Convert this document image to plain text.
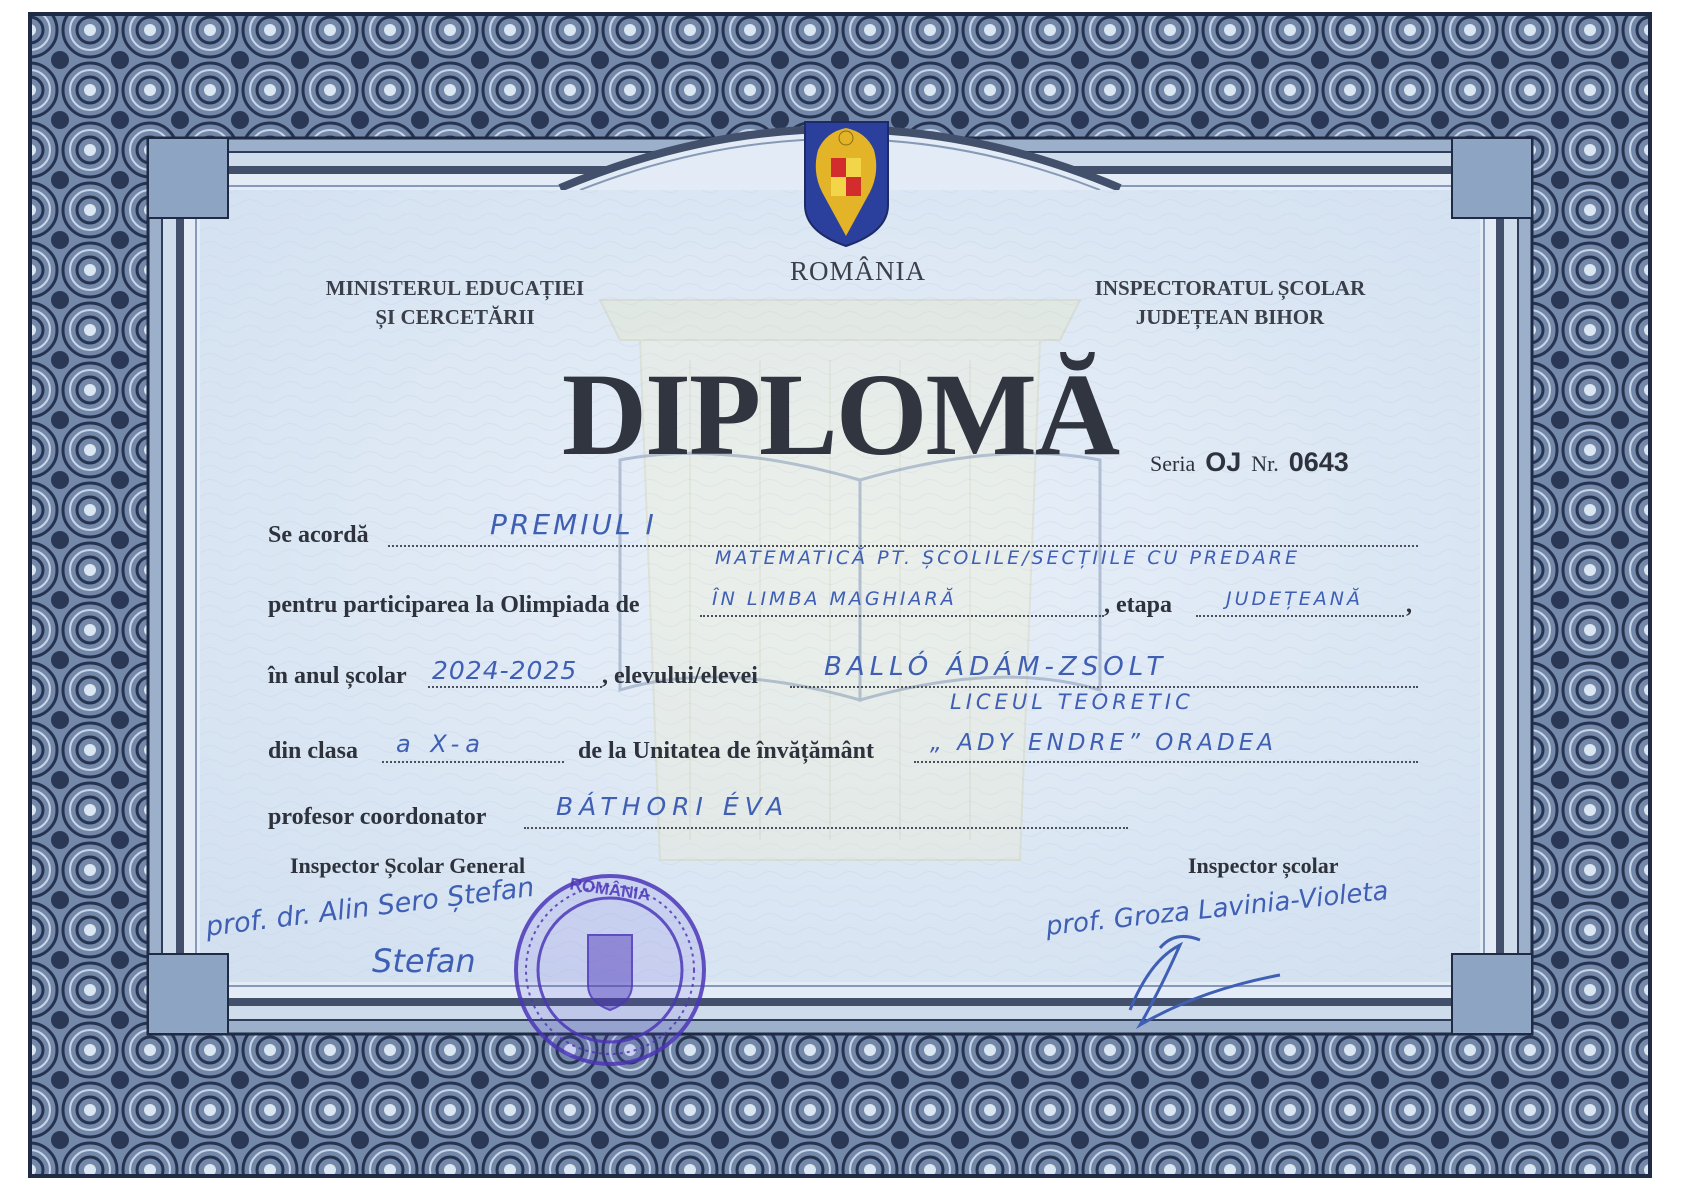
ROMÂNIA
MINISTERUL EDUCAȚIEI
ȘI CERCETĂRII
INSPECTORATUL ȘCOLAR
JUDEȚEAN BIHOR
DIPLOMĂ	Seria OJ Nr. 0643
Se acordă	PREMIUL I
MATEMATICĂ PT. ȘCOLILE/SECȚIILE CU PREDARE
pentru participarea la Olimpiada de	ÎN LIMBA MAGHIARĂ	, etapa	JUDEȚEANĂ ,
în anul școlar 2024-2025 , elevului/elevei	BALLÓ ÁDÁM-ZSOLT
LICEUL TEORETIC
din clasa a X-a	de la Unitatea de învățământ „ ADY ENDRE” ORADEA
profesor coordonator	BÁTHORI ÉVA
Inspector Școlar General	Inspector școlar
prof. dr. Alin Sero Ștefan
Stefan
prof. Groza Lavinia-Violeta
ROMÂNIA
